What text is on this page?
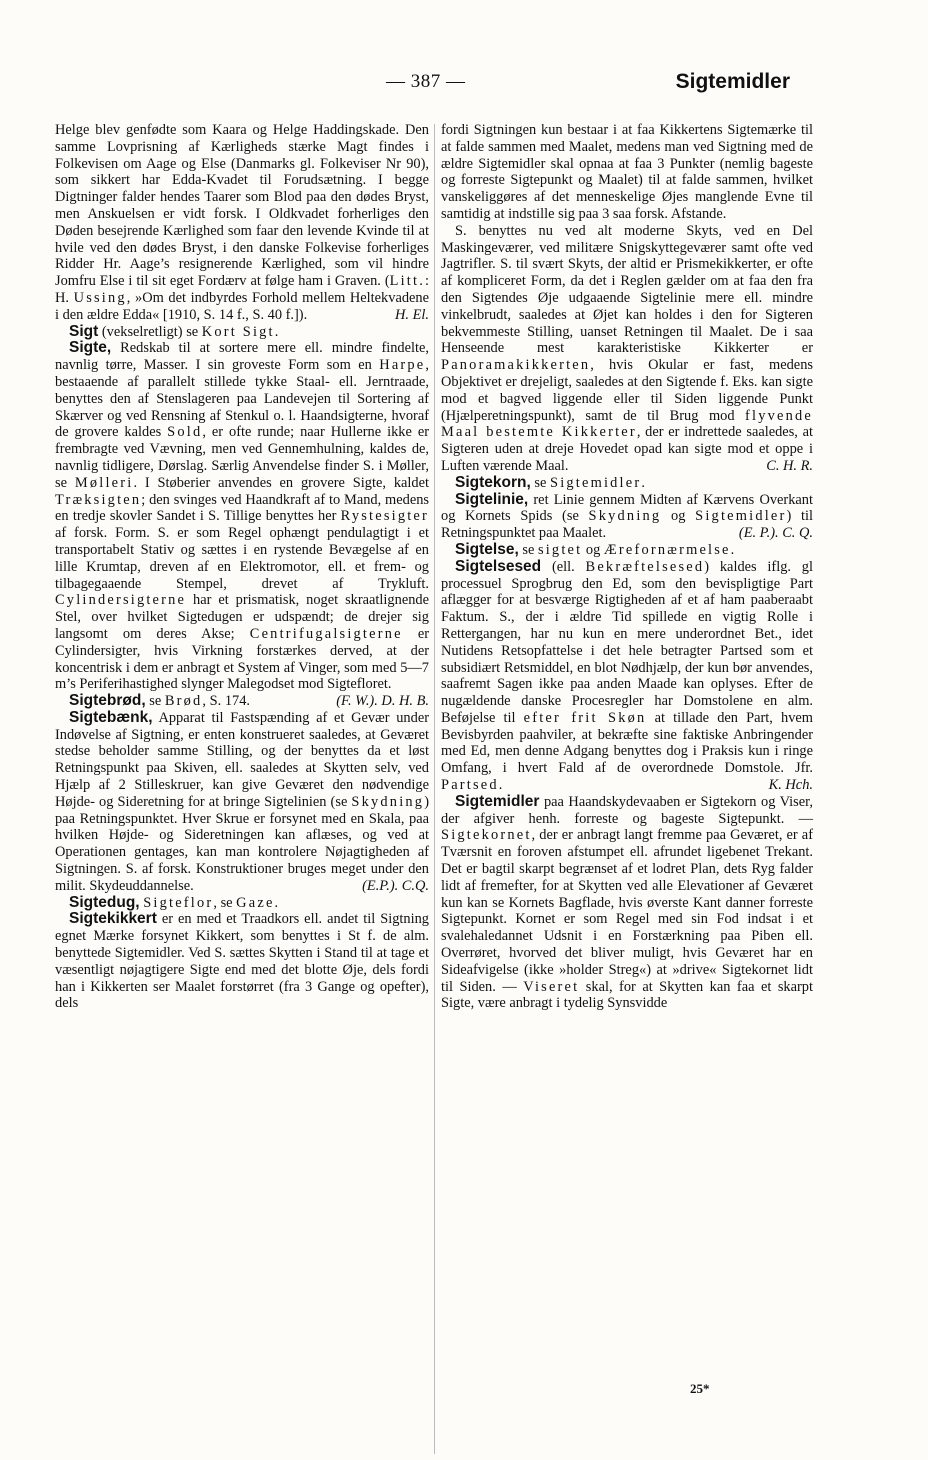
— 387 —	Sigtemidler

Helge blev genfødte som Kaara og Helge Haddingskade. Den samme Lovprisning af Kærligheds stærke Magt findes i Folkevisen om Aage og Else (Danmarks gl. Folkeviser Nr 90), som sikkert har Edda-Kvadet til Forudsætning. I begge Digtninger falder hendes Taarer som Blod paa den dødes Bryst, men Anskuelsen er vidt forsk. I Oldkvadet forherliges den Døden besejrende Kærlighed som faar den levende Kvinde til at hvile ved den dødes Bryst, i den danske Folkevise forherliges Ridder Hr. Aage’s resignerende Kærlighed, som vil hindre Jomfru Else i til sit eget Fordærv at følge ham i Graven. (Litt.: H. Ussing, »Om det indbyrdes Forhold mellem Heltekvadene i den ældre Edda« [1910, S. 14 f., S. 40 f.]).	H. El.

Sigt (vekselretligt) se Kort Sigt.

Sigte, Redskab til at sortere mere ell. mindre findelte, navnlig tørre, Masser. I sin groveste Form som en Harpe, bestaaende af parallelt stillede tykke Staal- ell. Jerntraade, benyttes den af Stenslageren paa Landevejen til Sortering af Skærver og ved Rensning af Stenkul o. l. Haandsigterne, hvoraf de grovere kaldes Sold, er ofte runde; naar Hullerne ikke er frembragte ved Vævning, men ved Gennemhulning, kaldes de, navnlig tidligere, Dørslag. Særlig Anvendelse finder S. i Møller, se Mølleri. I Støberier anvendes en grovere Sigte, kaldet Træksigten; den svinges ved Haandkraft af to Mand, medens en tredje skovler Sandet i S. Tillige benyttes her Rystesigter af forsk. Form. S. er som Regel ophængt pendulagtigt i et transportabelt Stativ og sættes i en rystende Bevægelse af en lille Krumtap, dreven af en Elektromotor, ell. et frem- og tilbagegaaende Stempel, drevet af Trykluft. Cylindersigterne har et prismatisk, noget skraatlignende Stel, over hvilket Sigtedugen er udspændt; de drejer sig langsomt om deres Akse; Centrifugalsigterne er Cylindersigter, hvis Virkning forstærkes derved, at der koncentrisk i dem er anbragt et System af Vinger, som med 5—7 m’s Periferihastighed slynger Malegodset mod Sigtefloret.
(F. W.). D. H. B.

Sigtebrød, se Brød, S. 174.

Sigtebænk, Apparat til Fastspænding af et Gevær under Indøvelse af Sigtning, er enten konstrueret saaledes, at Geværet stedse beholder samme Stilling, og der benyttes da et løst Retningspunkt paa Skiven, ell. saaledes at Skytten selv, ved Hjælp af 2 Stilleskruer, kan give Geværet den nødvendige Højde- og Sideretning for at bringe Sigtelinien (se Skydning) paa Retningspunktet. Hver Skrue er forsynet med en Skala, paa hvilken Højde- og Sideretningen kan aflæses, og ved at Operationen gentages, kan man kontrolere Nøjagtigheden af Sigtningen. S. af forsk. Konstruktioner bruges meget under den milit. Skydeuddannelse.	(E.P.). C.Q.

Sigtedug, Sigteflor, se Gaze.

Sigtekikkert er en med et Traadkors ell. andet til Sigtning egnet Mærke forsynet Kikkert, som benyttes i St f. de alm. benyttede Sigtemidler. Ved S. sættes Skytten i Stand til at tage et væsentligt nøjagtigere Sigte end med det blotte Øje, dels fordi han i Kikkerten ser Maalet forstørret (fra 3 Gange og opefter), dels

fordi Sigtningen kun bestaar i at faa Kikkertens Sigtemærke til at falde sammen med Maalet, medens man ved Sigtning med de ældre Sigtemidler skal opnaa at faa 3 Punkter (nemlig bageste og forreste Sigtepunkt og Maalet) til at falde sammen, hvilket vanskeliggøres af det menneskelige Øjes manglende Evne til samtidig at indstille sig paa 3 saa forsk. Afstande.

S. benyttes nu ved alt moderne Skyts, ved en Del Maskingeværer, ved militære Snigskyttegeværer samt ofte ved Jagtrifler. S. til svært Skyts, der altid er Prismekikkerter, er ofte af kompliceret Form, da det i Reglen gælder om at faa den fra den Sigtendes Øje udgaaende Sigtelinie mere ell. mindre vinkelbrudt, saaledes at Øjet kan holdes i den for Sigteren bekvemmeste Stilling, uanset Retningen til Maalet. De i saa Henseende mest karakteristiske Kikkerter er Panoramakikkerten, hvis Okular er fast, medens Objektivet er drejeligt, saaledes at den Sigtende f. Eks. kan sigte mod et bagved liggende eller til Siden liggende Punkt (Hjælperetningspunkt), samt de til Brug mod flyvende Maal bestemte Kikkerter, der er indrettede saaledes, at Sigteren uden at dreje Hovedet opad kan sigte mod et oppe i Luften værende Maal.	C. H. R.

Sigtekorn, se Sigtemidler.

Sigtelinie, ret Linie gennem Midten af Kærvens Overkant og Kornets Spids (se Skydning og Sigtemidler) til Retningspunktet paa Maalet.	(E. P.). C. Q.

Sigtelse, se sigtet og Ærefornærmelse.

Sigtelsesed (ell. Bekræftelsesed) kaldes iflg. gl processuel Sprogbrug den Ed, som den bevispligtige Part aflægger for at besværge Rigtigheden af et af ham paaberaabt Faktum. S., der i ældre Tid spillede en vigtig Rolle i Rettergangen, har nu kun en mere underordnet Bet., idet Nutidens Retsopfattelse i det hele betragter Partsed som et subsidiært Retsmiddel, en blot Nødhjælp, der kun bør anvendes, saafremt Sagen ikke paa anden Maade kan oplyses. Efter de nugældende danske Procesregler har Domstolene en alm. Beføjelse til efter frit Skøn at tillade den Part, hvem Bevisbyrden paahviler, at bekræfte sine faktiske Anbringender med Ed, men denne Adgang benyttes dog i Praksis kun i ringe Omfang, i hvert Fald af de overordnede Domstole. Jfr. Partsed.	K. Hch.

Sigtemidler paa Haandskydevaaben er Sigtekorn og Viser, der afgiver henh. forreste og bageste Sigtepunkt. — Sigtekornet, der er anbragt langt fremme paa Geværet, er af Tværsnit en foroven afstumpet ell. afrundet ligebenet Trekant. Det er bagtil skarpt begrænset af et lodret Plan, dets Ryg falder lidt af fremefter, for at Skytten ved alle Elevationer af Geværet kun kan se Kornets Bagflade, hvis øverste Kant danner forreste Sigtepunkt. Kornet er som Regel med sin Fod indsat i et svalehaledannet Udsnit i en Forstærkning paa Piben ell. Overrøret, hvorved det bliver muligt, hvis Geværet har en Sideafvigelse (ikke »holder Streg«) at »drive« Sigtekornet lidt til Siden. — Viseret skal, for at Skytten kan faa et skarpt Sigte, være anbragt i tydelig Synsvidde

25*
